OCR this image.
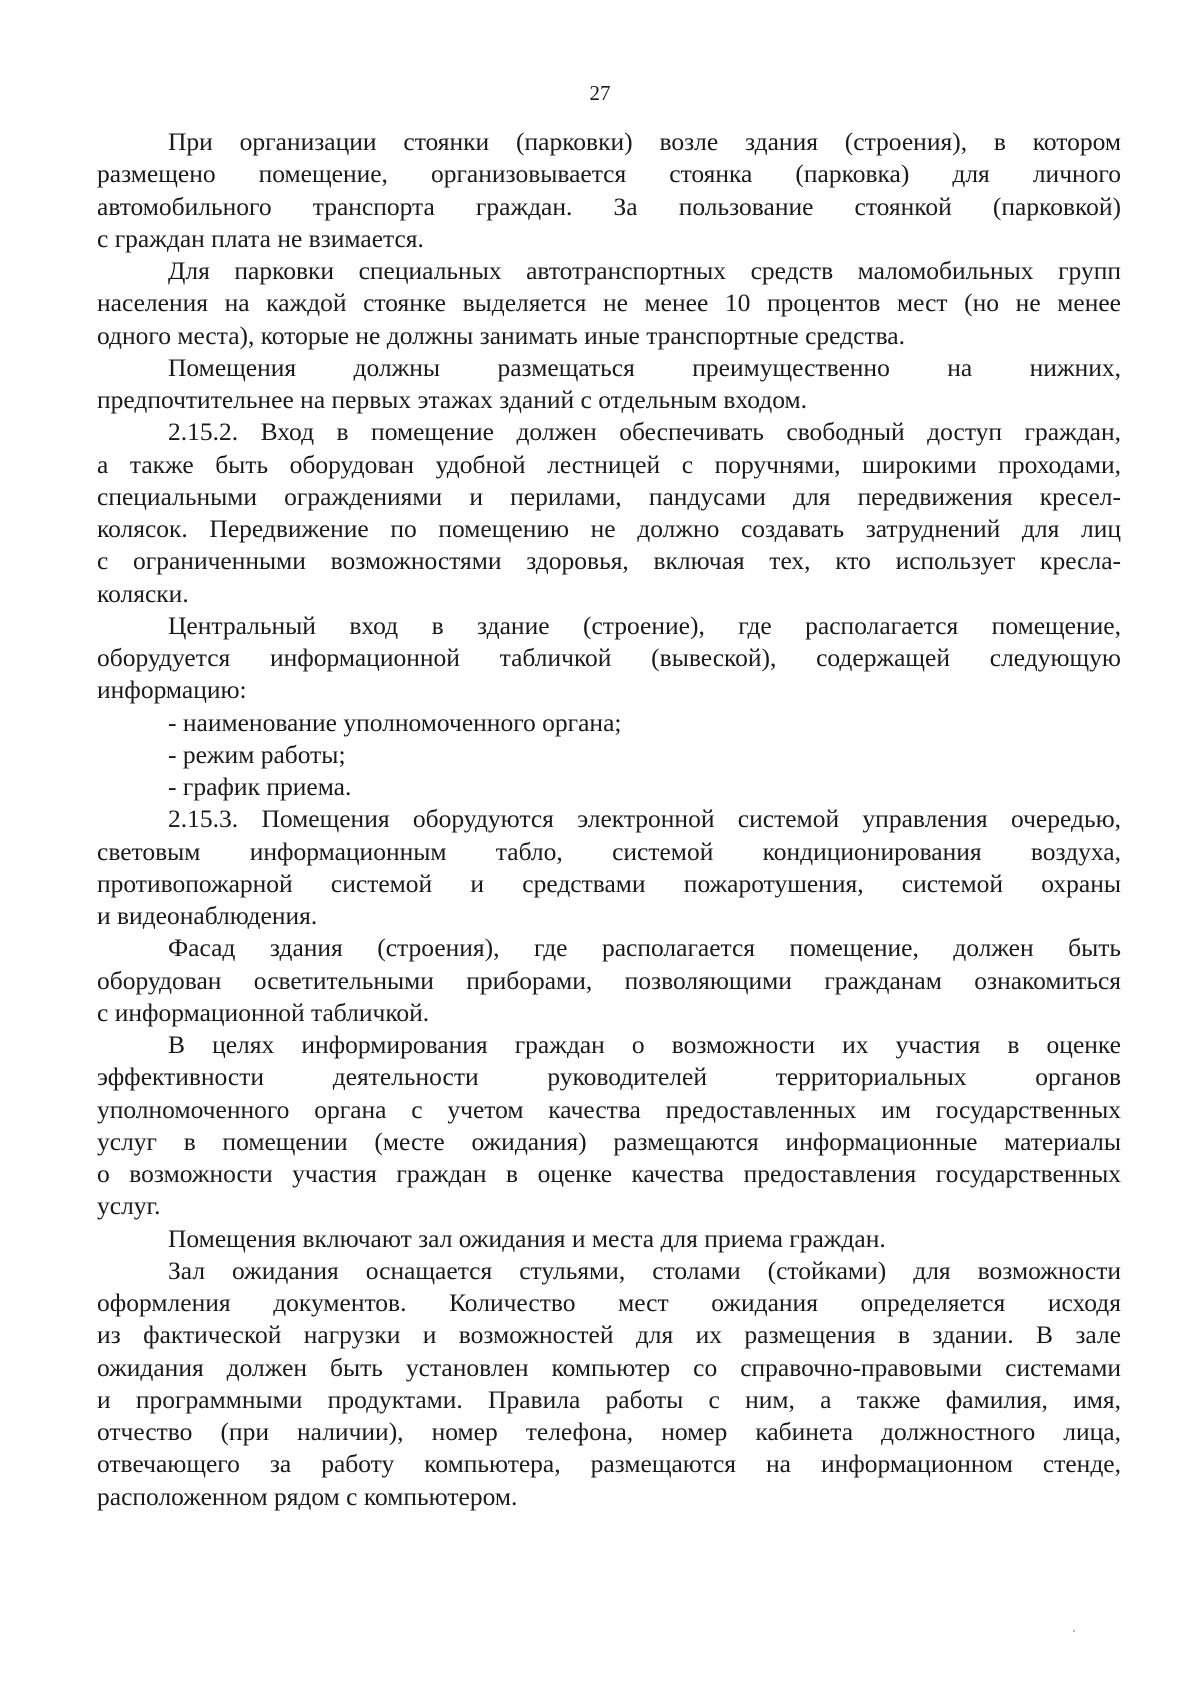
27
При организации стоянки (парковки) возле здания (строения), в котором
размещено помещение, организовывается стоянка (парковка) для личного
автомобильного транспорта граждан. За пользование стоянкой (парковкой)
с граждан плата не взимается.
Для парковки специальных автотранспортных средств маломобильных групп
населения на каждой стоянке выделяется не менее 10 процентов мест (но не менее
одного места), которые не должны занимать иные транспортные средства.
Помещения должны размещаться преимущественно на нижних,
предпочтительнее на первых этажах зданий с отдельным входом.
2.15.2. Вход в помещение должен обеспечивать свободный доступ граждан,
а также быть оборудован удобной лестницей с поручнями, широкими проходами,
специальными ограждениями и перилами, пандусами для передвижения кресел-
колясок. Передвижение по помещению не должно создавать затруднений для лиц
с ограниченными возможностями здоровья, включая тех, кто использует кресла-
коляски.
Центральный вход в здание (строение), где располагается помещение,
оборудуется информационной табличкой (вывеской), содержащей следующую
информацию:
- наименование уполномоченного органа;
- режим работы;
- график приема.
2.15.3. Помещения оборудуются электронной системой управления очередью,
световым информационным табло, системой кондиционирования воздуха,
противопожарной системой и средствами пожаротушения, системой охраны
и видеонаблюдения.
Фасад здания (строения), где располагается помещение, должен быть
оборудован осветительными приборами, позволяющими гражданам ознакомиться
с информационной табличкой.
В целях информирования граждан о возможности их участия в оценке
эффективности деятельности руководителей территориальных органов
уполномоченного органа с учетом качества предоставленных им государственных
услуг в помещении (месте ожидания) размещаются информационные материалы
о возможности участия граждан в оценке качества предоставления государственных
услуг.
Помещения включают зал ожидания и места для приема граждан.
Зал ожидания оснащается стульями, столами (стойками) для возможности
оформления документов. Количество мест ожидания определяется исходя
из фактической нагрузки и возможностей для их размещения в здании. В зале
ожидания должен быть установлен компьютер со справочно-правовыми системами
и программными продуктами. Правила работы с ним, а также фамилия, имя,
отчество (при наличии), номер телефона, номер кабинета должностного лица,
отвечающего за работу компьютера, размещаются на информационном стенде,
расположенном рядом с компьютером.
